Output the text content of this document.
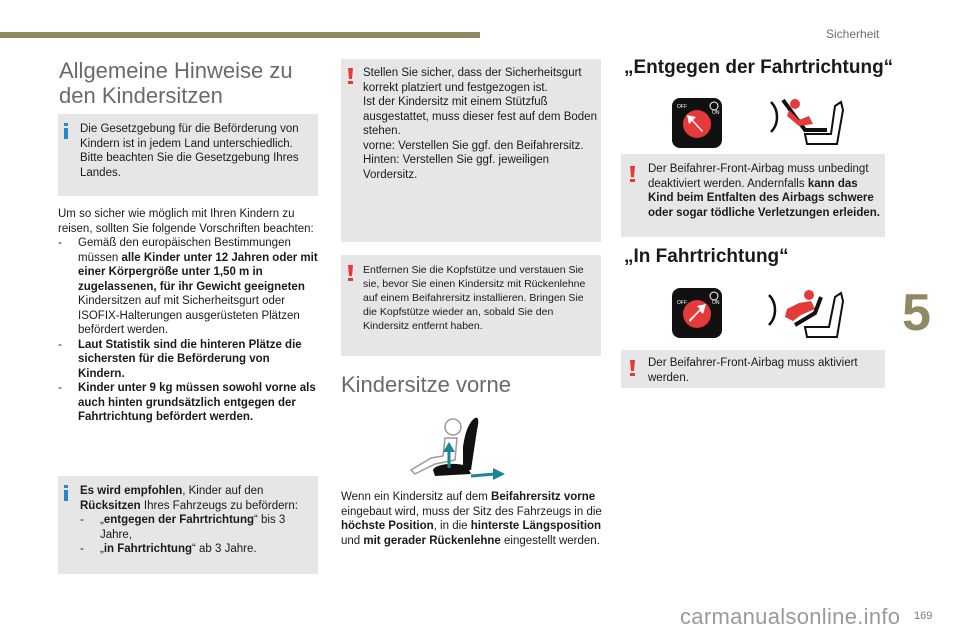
Sicherheit
5
Allgemeine Hinweise zu
den Kindersitzen
Die Gesetzgebung für die Beförderung von Kindern ist in jedem Land unterschiedlich. Bitte beachten Sie die Gesetzgebung Ihres Landes.
Um so sicher wie möglich mit Ihren Kindern zu reisen, sollten Sie folgende Vorschriften beachten:
- Gemäß den europäischen Bestimmungen müssen alle Kinder unter 12 Jahren oder mit einer Körpergröße unter 1,50 m in zugelassenen, für ihr Gewicht geeigneten Kindersitzen auf mit Sicherheitsgurt oder ISOFIX-Halterungen ausgerüsteten Plätzen befördert werden.
- Laut Statistik sind die hinteren Plätze die sichersten für die Beförderung von Kindern.
- Kinder unter 9 kg müssen sowohl vorne als auch hinten grundsätzlich entgegen der Fahrtrichtung befördert werden.
Es wird empfohlen, Kinder auf den Rücksitzen Ihres Fahrzeugs zu befördern:
- „entgegen der Fahrtrichtung“ bis 3 Jahre,
- „in Fahrtrichtung“ ab 3 Jahre.
Stellen Sie sicher, dass der Sicherheitsgurt korrekt platziert und festgezogen ist.
Ist der Kindersitz mit einem Stützfuß ausgestattet, muss dieser fest auf dem Boden stehen.
vorne: Verstellen Sie ggf. den Beifahrersitz.
Hinten: Verstellen Sie ggf. jeweiligen Vordersitz.
Entfernen Sie die Kopfstütze und verstauen Sie sie, bevor Sie einen Kindersitz mit Rückenlehne auf einem Beifahrersitz installieren. Bringen Sie die Kopfstütze wieder an, sobald Sie den Kindersitz entfernt haben.
Kindersitze vorne
Wenn ein Kindersitz auf dem Beifahrersitz vorne eingebaut wird, muss der Sitz des Fahrzeugs in die höchste Position, in die hinterste Längsposition und mit gerader Rückenlehne eingestellt werden.
„Entgegen der Fahrtrichtung“
OFF
ON
Der Beifahrer-Front-Airbag muss unbedingt deaktiviert werden. Andernfalls kann das Kind beim Entfalten des Airbags schwere oder sogar tödliche Verletzungen erleiden.
„In Fahrtrichtung“
OFF	ON
Der Beifahrer-Front-Airbag muss aktiviert werden.
carmanualsonline.info 169
